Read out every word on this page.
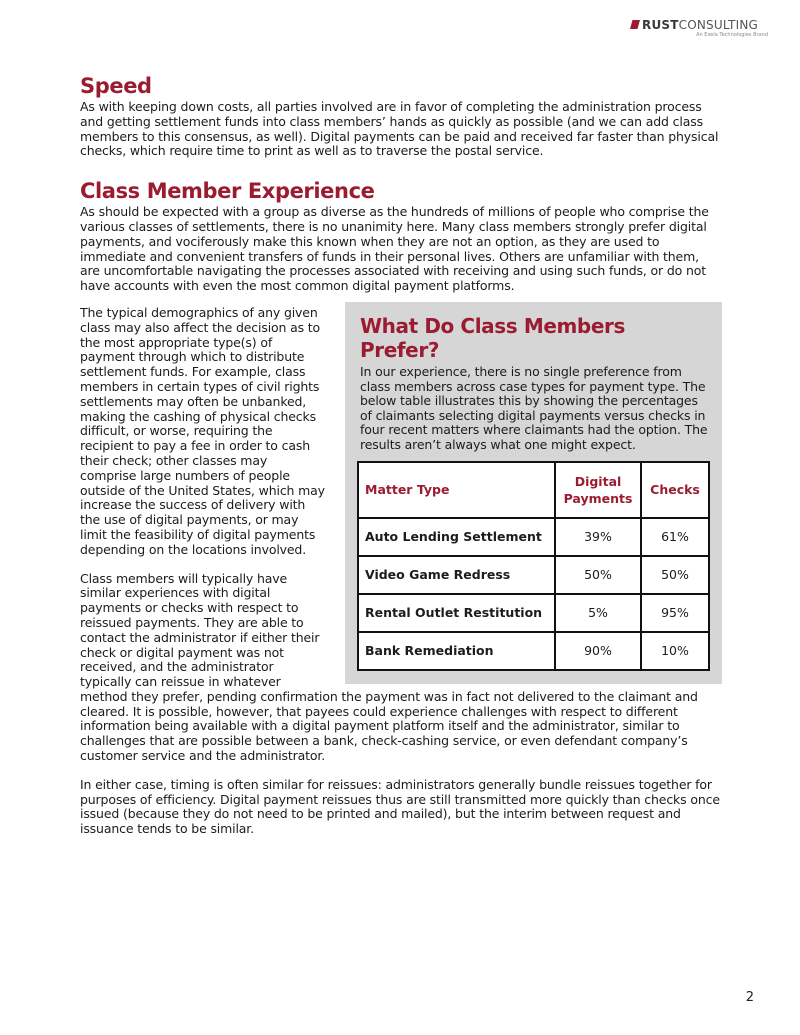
RUSTCONSULTING
An Exela Technologies Brand
Speed

As with keeping down costs, all parties involved are in favor of completing the administration process and getting settlement funds into class members’ hands as quickly as possible (and we can add class members to this consensus, as well). Digital payments can be paid and received far faster than physical checks, which require time to print as well as to traverse the postal service.

Class Member Experience

As should be expected with a group as diverse as the hundreds of millions of people who comprise the various classes of settlements, there is no unanimity here. Many class members strongly prefer digital payments, and vociferously make this known when they are not an option, as they are used to immediate and convenient transfers of funds in their personal lives. Others are unfamiliar with them, are uncomfortable navigating the processes associated with receiving and using such funds, or do not have accounts with even the most common digital payment platforms.

What Do Class Members Prefer?

In our experience, there is no single preference from class members across case types for payment type. The below table illustrates this by showing the percentages of claimants selecting digital payments versus checks in four recent matters where claimants had the option. The results aren’t always what one might expect.

Matter Type	Digital Payments	Checks
Auto Lending Settlement	39%	61%
Video Game Redress	50%	50%
Rental Outlet Restitution	5%	95%
Bank Remediation	90%	10%

The typical demographics of any given class may also affect the decision as to the most appropriate type(s) of payment through which to distribute settlement funds. For example, class members in certain types of civil rights settlements may often be unbanked, making the cashing of physical checks difficult, or worse, requiring the recipient to pay a fee in order to cash their check; other classes may comprise large numbers of people outside of the United States, which may increase the success of delivery with the use of digital payments, or may limit the feasibility of digital payments depending on the locations involved.

Class members will typically have similar experiences with digital payments or checks with respect to reissued payments. They are able to contact the administrator if either their check or digital payment was not received, and the administrator typically can reissue in whatever method they prefer, pending confirmation the payment was in fact not delivered to the claimant and cleared. It is possible, however, that payees could experience challenges with respect to different information being available with a digital payment platform itself and the administrator, similar to challenges that are possible between a bank, check-cashing service, or even defendant company’s customer service and the administrator.

In either case, timing is often similar for reissues: administrators generally bundle reissues together for purposes of efficiency. Digital payment reissues thus are still transmitted more quickly than checks once issued (because they do not need to be printed and mailed), but the interim between request and issuance tends to be similar.

2
